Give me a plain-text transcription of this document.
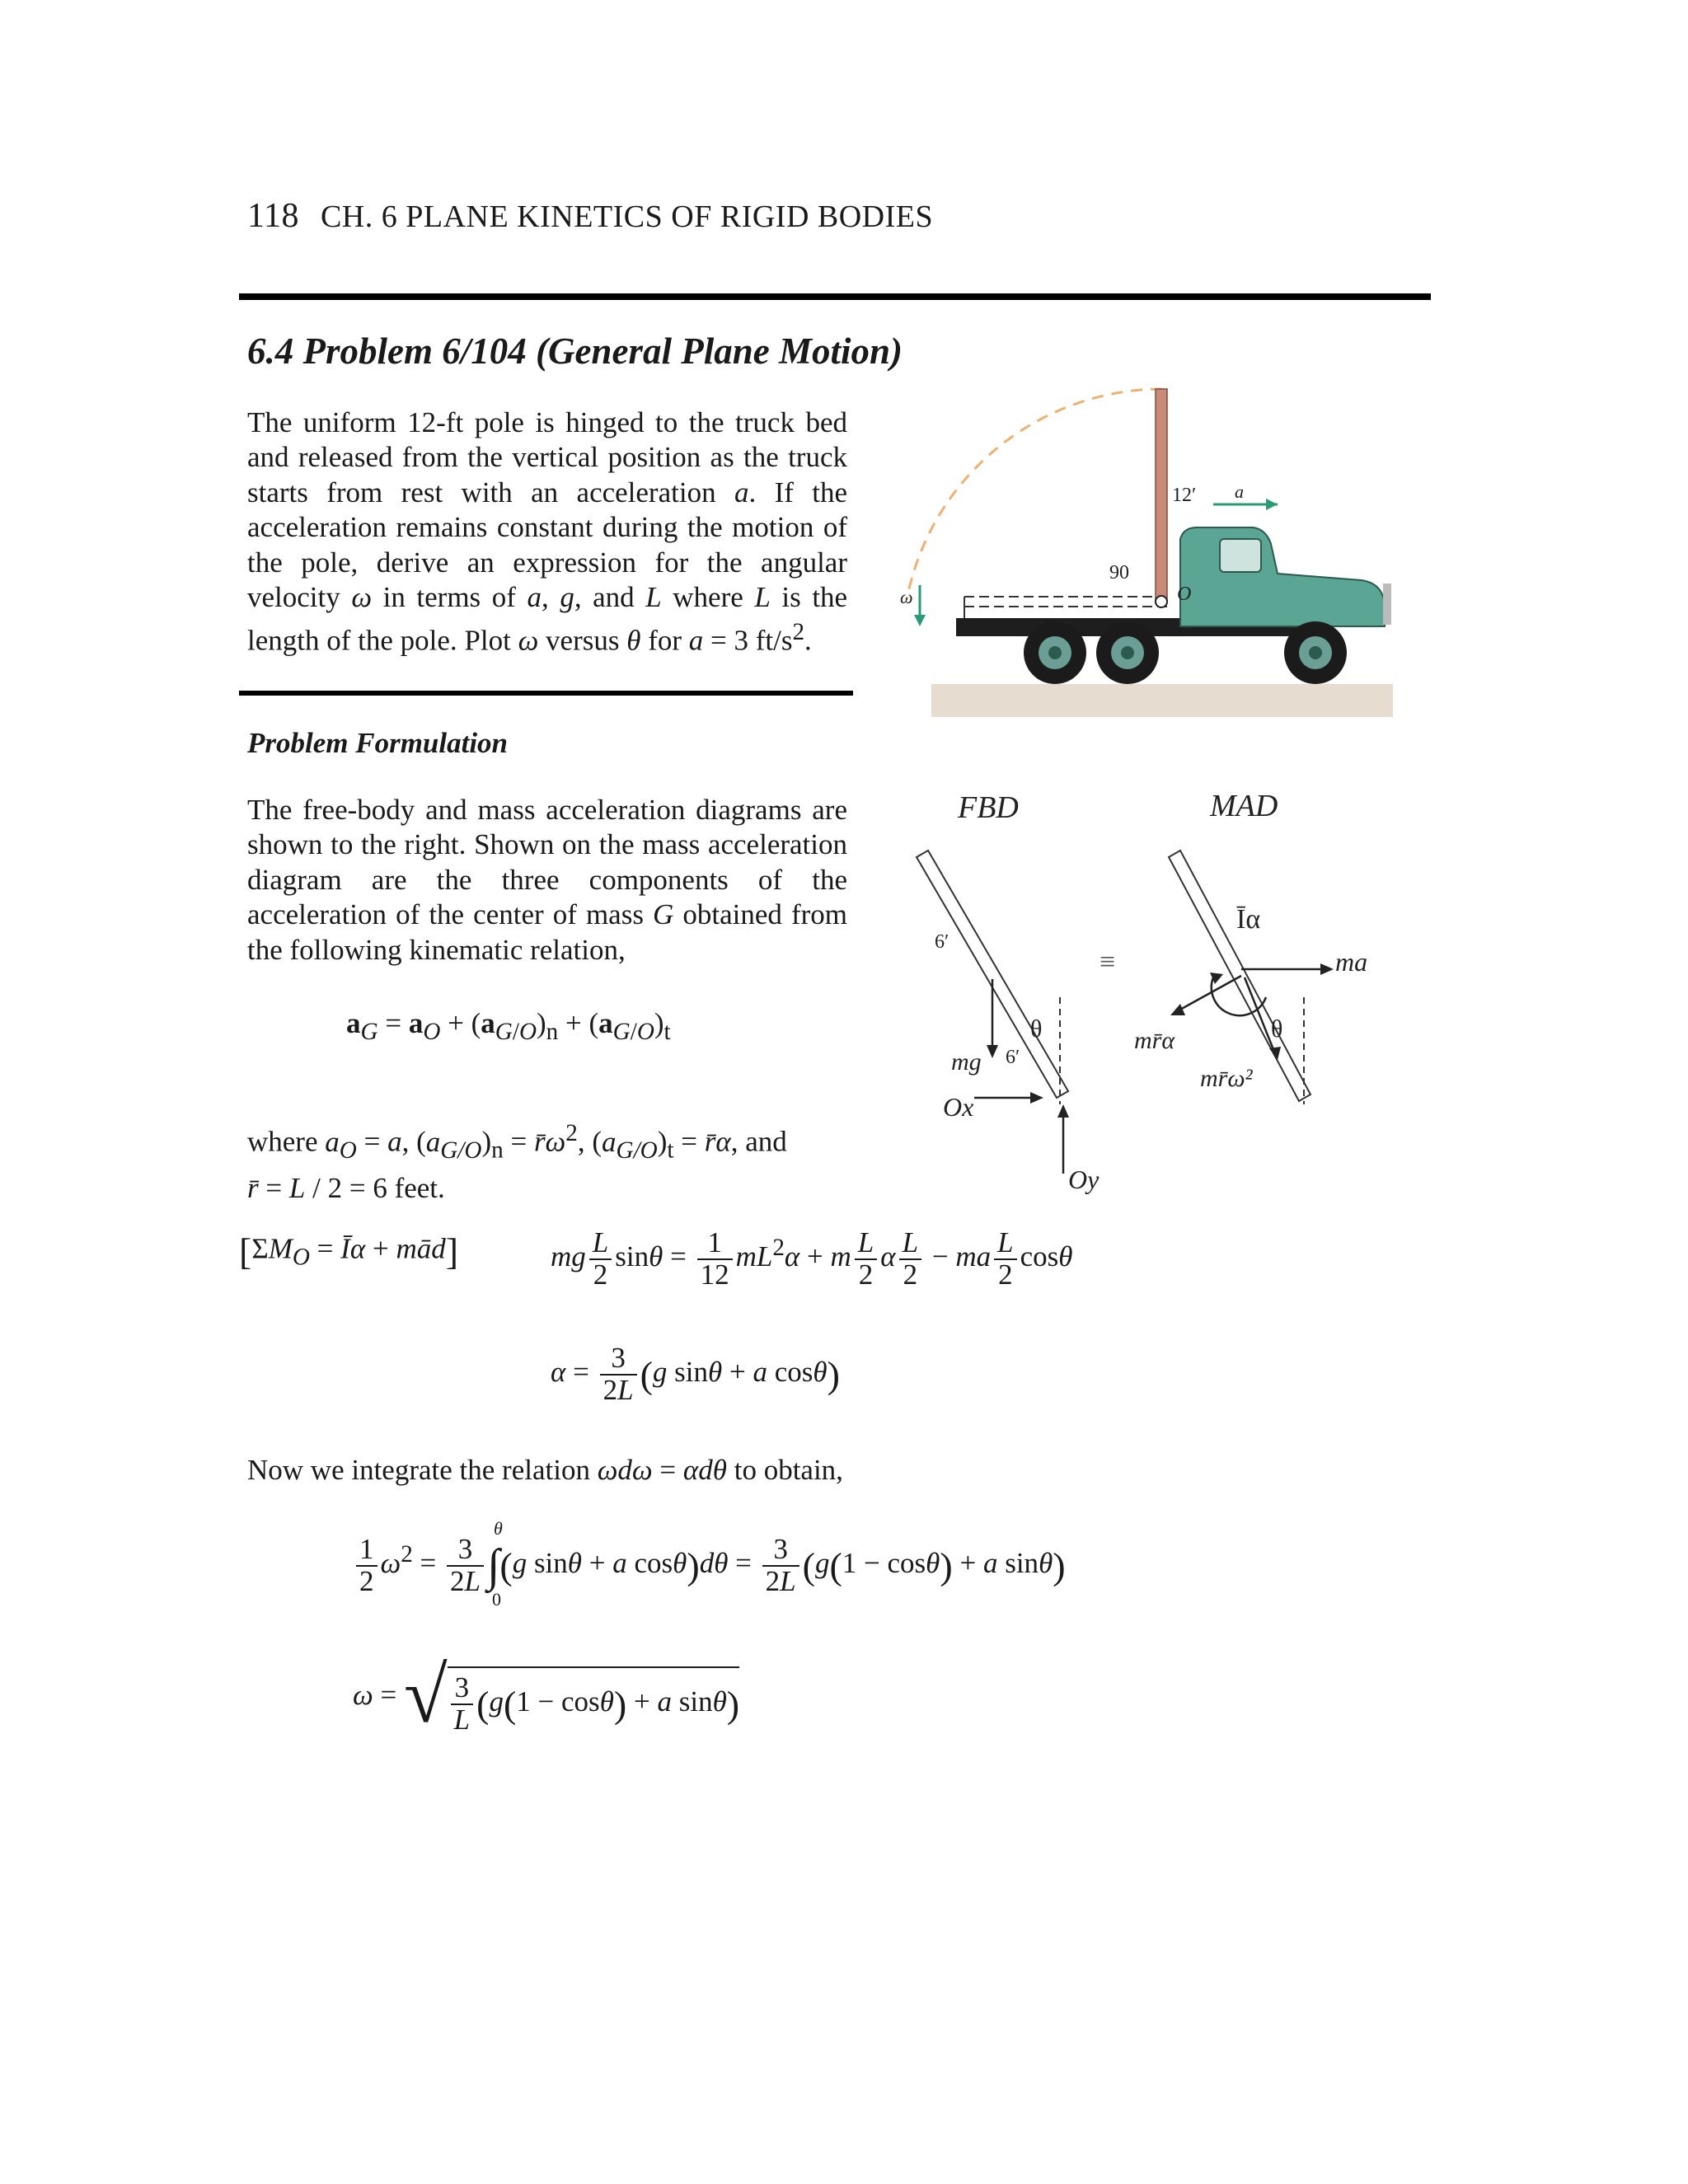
118 CH. 6 PLANE KINETICS OF RIGID BODIES
6.4 Problem 6/104 (General Plane Motion)

The uniform 12-ft pole is hinged to the truck bed and released from the vertical position as the truck starts from rest with an acceleration a. If the acceleration remains constant during the motion of the pole, derive an expression for the angular velocity ω in terms of a, g, and L where L is the length of the pole. Plot ω versus θ for a = 3 $ft/s^2$.

12′ a
90
O
ω
Problem Formulation

The free-body and mass acceleration diagrams are shown to the right. Shown on the mass acceleration diagram are the three components of the acceleration of the center of mass G obtained from the following kinematic relation,

$a_G = a_O + (a_{G/O})_n + (a_{G/O})_t$
where $a_O = a$, $(a_{G/O})_n$ = $r̄\omega^2$, $(a_{G/O})_t$ = r̄α, and
r̄ = L / 2 = 6 feet.
FBD	MAD
θ
6′
6′
mg
Ox
Oy
≡
θ
Īα
ma
mr̄α
mr̄ω²
[$\Sigma M_O$ = Īα + mād]	mg $\frac{L}{2}$ $\sin\theta = \frac{1}{12} mL^2\alpha + m \frac{L}{2}$ α $\frac{L}{2}$ − ma $\frac{L}{2}$ cosθ
$\alpha = \frac{3}{2L} (g$ sinθ + a cosθ)
Now we integrate the relation ωdω = αdθ to obtain,
$\frac{1}{2} \omega^2 = \frac{3}{2L}$ ∫
θ
0
(g sinθ + a $\cos\theta)d\theta = \frac{3}{2L} (g(1 - \cos\theta) + a$ sinθ)
ω = √ $\frac{3}{L} (g(1 - \cos\theta) + a$ sinθ)
